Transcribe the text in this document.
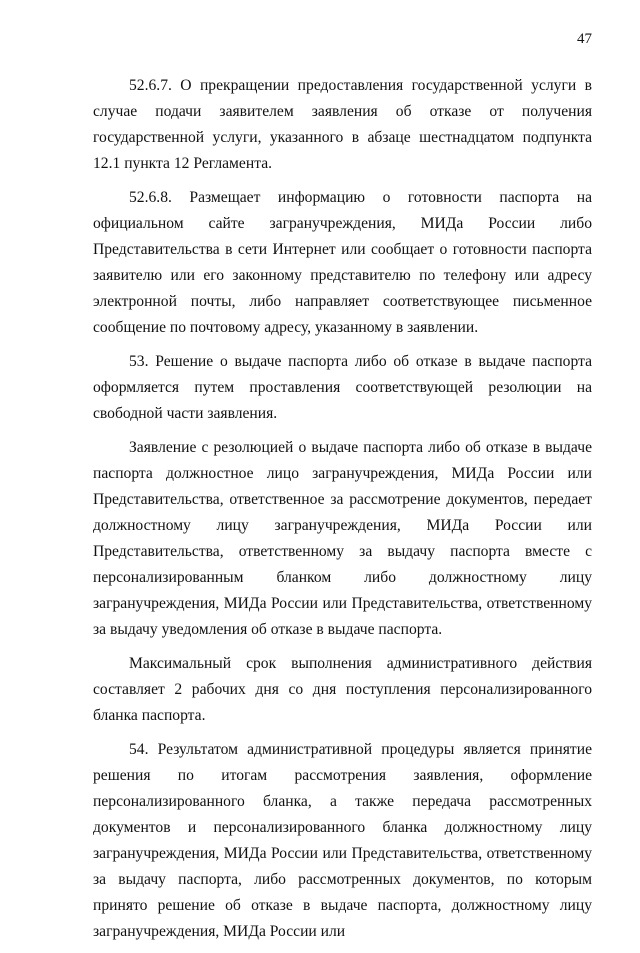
47

52.6.7. О прекращении предоставления государственной услуги в случае подачи заявителем заявления об отказе от получения государственной услуги, указанного в абзаце шестнадцатом подпункта 12.1 пункта 12 Регламента.

52.6.8. Размещает информацию о готовности паспорта на официальном сайте загранучреждения, МИДа России либо Представительства в сети Интернет или сообщает о готовности паспорта заявителю или его законному представителю по телефону или адресу электронной почты, либо направляет соответствующее письменное сообщение по почтовому адресу, указанному в заявлении.

53. Решение о выдаче паспорта либо об отказе в выдаче паспорта оформляется путем проставления соответствующей резолюции на свободной части заявления.

Заявление с резолюцией о выдаче паспорта либо об отказе в выдаче паспорта должностное лицо загранучреждения, МИДа России или Представительства, ответственное за рассмотрение документов, передает должностному лицу загранучреждения, МИДа России или Представительства, ответственному за выдачу паспорта вместе с персонализированным бланком либо должностному лицу загранучреждения, МИДа России или Представительства, ответственному за выдачу уведомления об отказе в выдаче паспорта.

Максимальный срок выполнения административного действия составляет 2 рабочих дня со дня поступления персонализированного бланка паспорта.

54. Результатом административной процедуры является принятие решения по итогам рассмотрения заявления, оформление персонализированного бланка, а также передача рассмотренных документов и персонализированного бланка должностному лицу загранучреждения, МИДа России или Представительства, ответственному за выдачу паспорта, либо рассмотренных документов, по которым принято решение об отказе в выдаче паспорта, должностному лицу загранучреждения, МИДа России или
